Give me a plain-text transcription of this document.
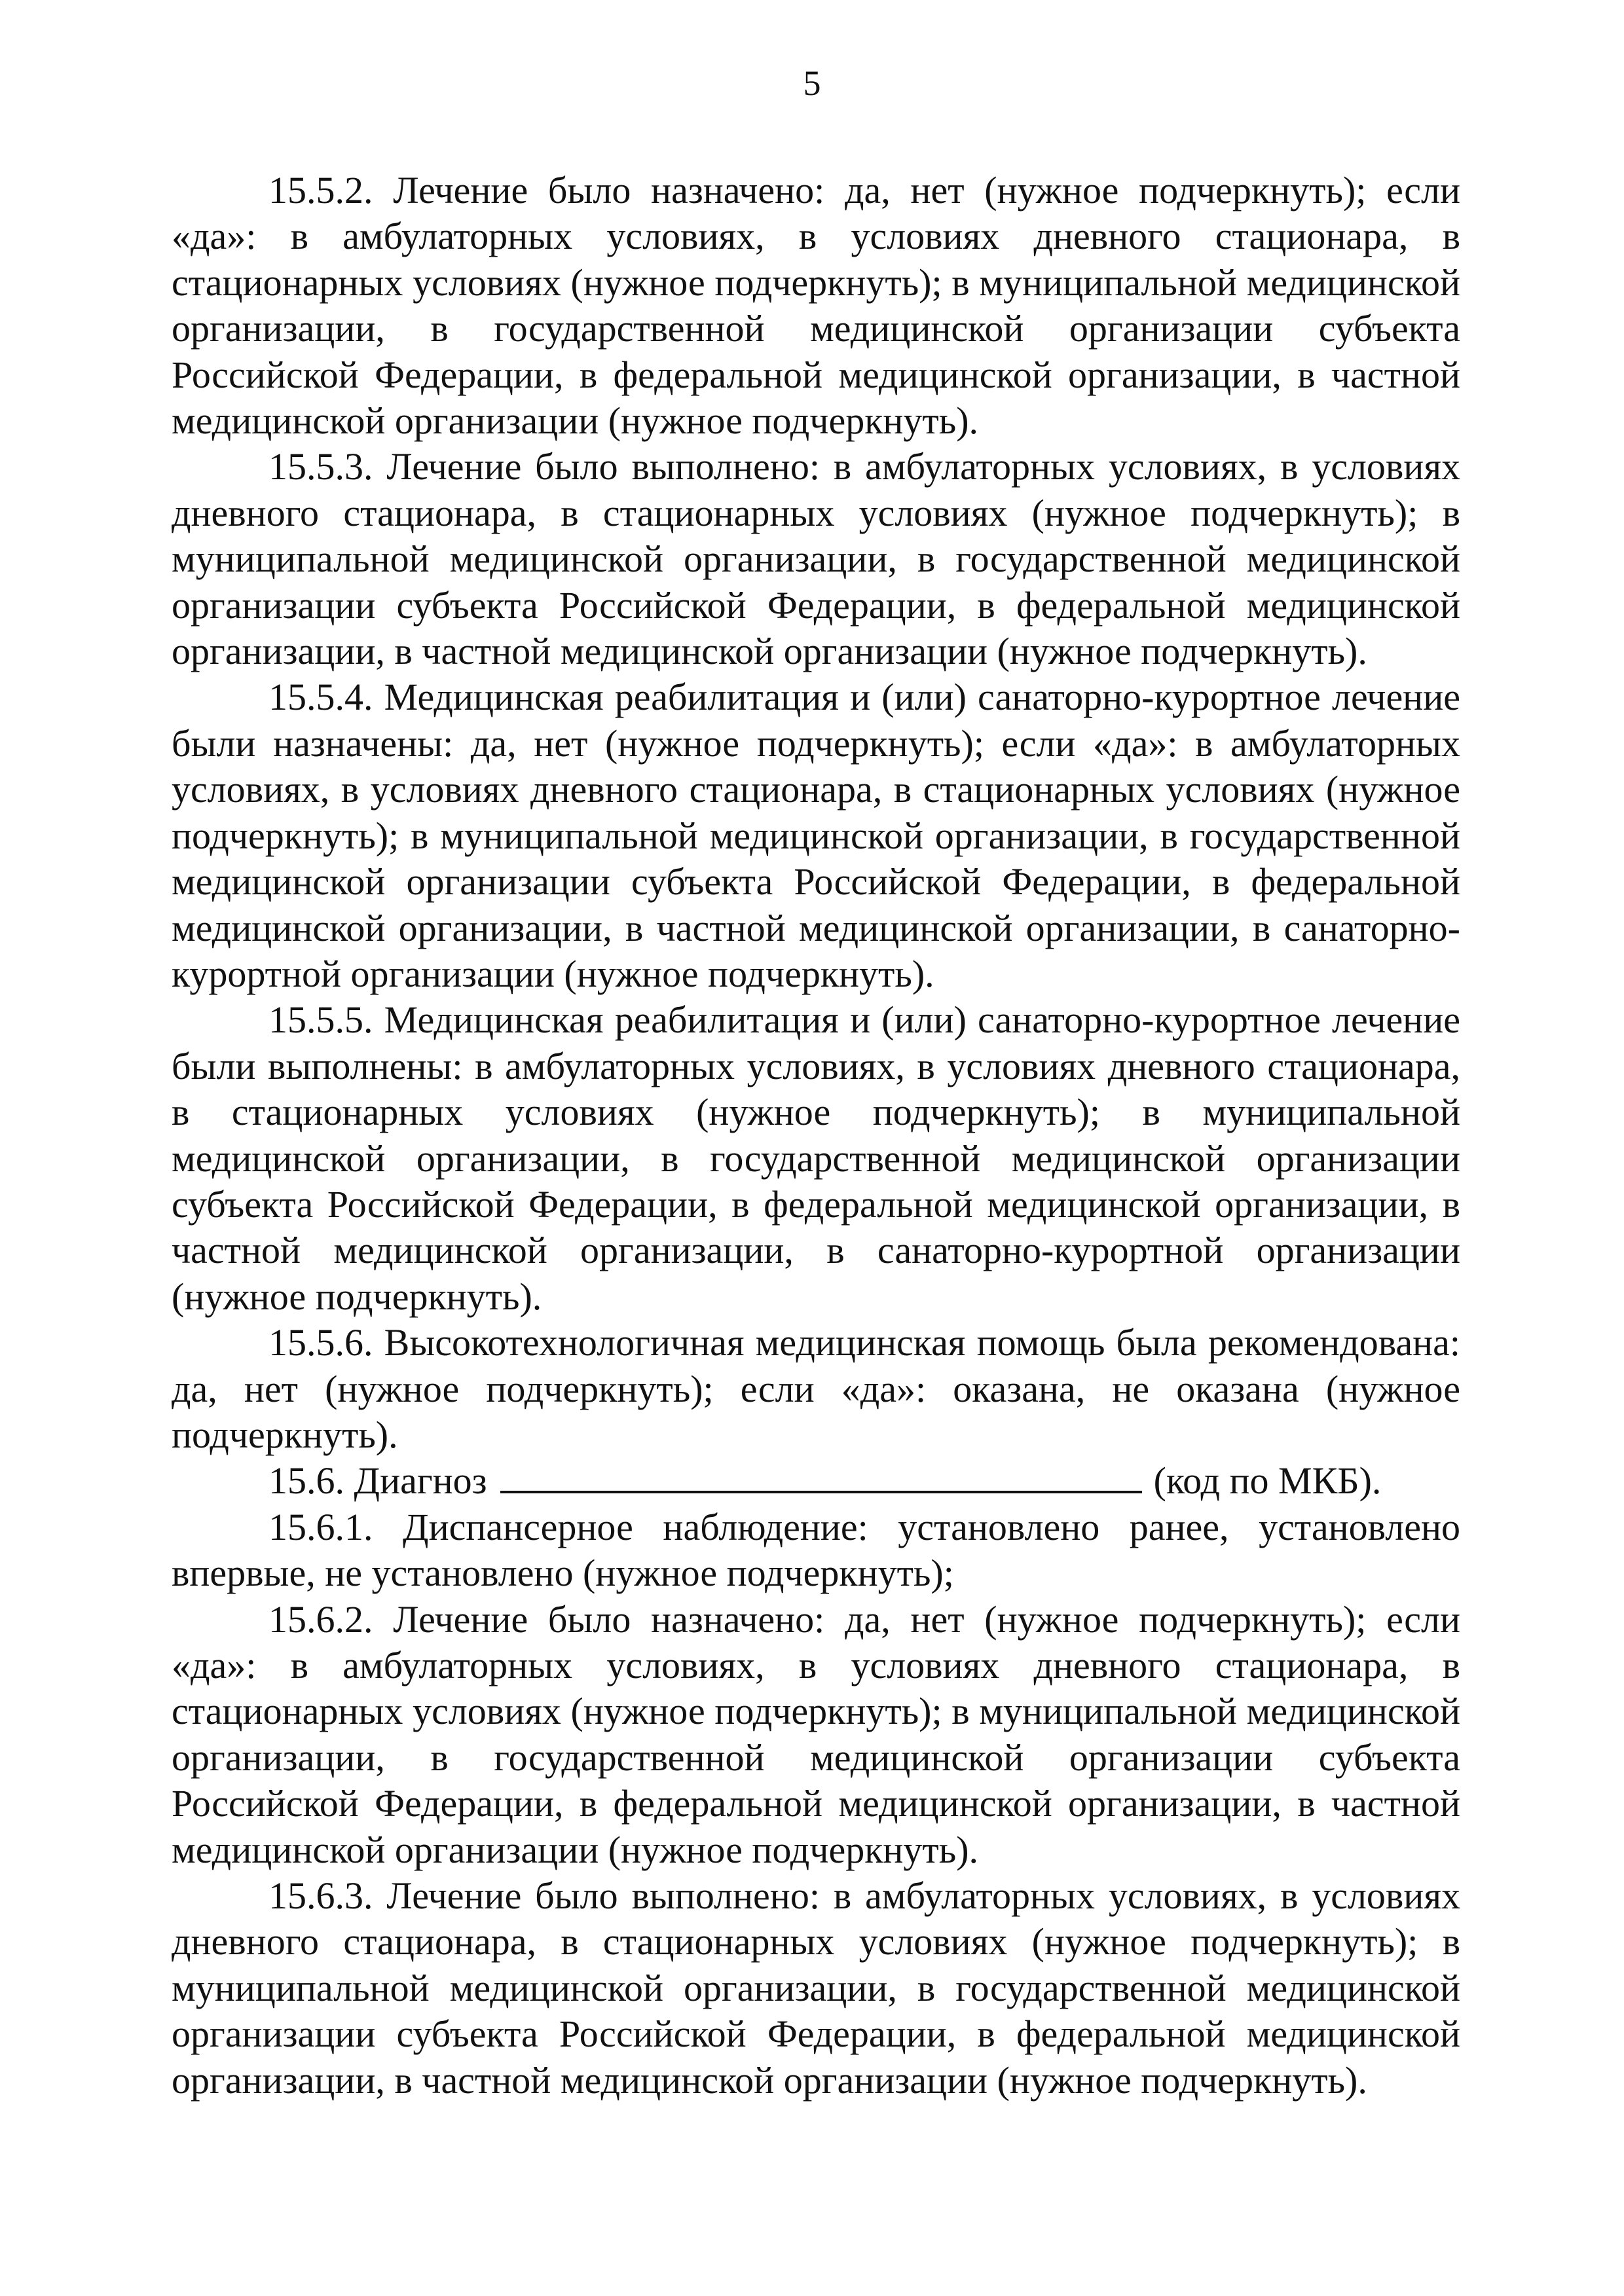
5

15.5.2. Лечение было назначено: да, нет (нужное подчеркнуть); если «да»: в амбулаторных условиях, в условиях дневного стационара, в стационарных условиях (нужное подчеркнуть); в муниципальной медицинской организации, в государственной медицинской организации субъекта Российской Федерации, в федеральной медицинской организации, в частной медицинской организации (нужное подчеркнуть).

15.5.3. Лечение было выполнено: в амбулаторных условиях, в условиях дневного стационара, в стационарных условиях (нужное подчеркнуть); в муниципальной медицинской организации, в государственной медицинской организации субъекта Российской Федерации, в федеральной медицинской организации, в частной медицинской организации (нужное подчеркнуть).

15.5.4. Медицинская реабилитация и (или) санаторно-курортное лечение были назначены: да, нет (нужное подчеркнуть); если «да»: в амбулаторных условиях, в условиях дневного стационара, в стационарных условиях (нужное подчеркнуть); в муниципальной медицинской организации, в государственной медицинской организации субъекта Российской Федерации, в федеральной медицинской организации, в частной медицинской организации, в санаторно-курортной организации (нужное подчеркнуть).

15.5.5. Медицинская реабилитация и (или) санаторно-курортное лечение были выполнены: в амбулаторных условиях, в условиях дневного стационара, в стационарных условиях (нужное подчеркнуть); в муниципальной медицинской организации, в государственной медицинской организации субъекта Российской Федерации, в федеральной медицинской организации, в частной медицинской организации, в санаторно-курортной организации (нужное подчеркнуть).

15.5.6. Высокотехнологичная медицинская помощь была рекомендована: да, нет (нужное подчеркнуть); если «да»: оказана, не оказана (нужное подчеркнуть).

15.6. Диагноз	(код по МКБ).

15.6.1. Диспансерное наблюдение: установлено ранее, установлено впервые, не установлено (нужное подчеркнуть);

15.6.2. Лечение было назначено: да, нет (нужное подчеркнуть); если «да»: в амбулаторных условиях, в условиях дневного стационара, в стационарных условиях (нужное подчеркнуть); в муниципальной медицинской организации, в государственной медицинской организации субъекта Российской Федерации, в федеральной медицинской организации, в частной медицинской организации (нужное подчеркнуть).

15.6.3. Лечение было выполнено: в амбулаторных условиях, в условиях дневного стационара, в стационарных условиях (нужное подчеркнуть); в муниципальной медицинской организации, в государственной медицинской организации субъекта Российской Федерации, в федеральной медицинской организации, в частной медицинской организации (нужное подчеркнуть).
